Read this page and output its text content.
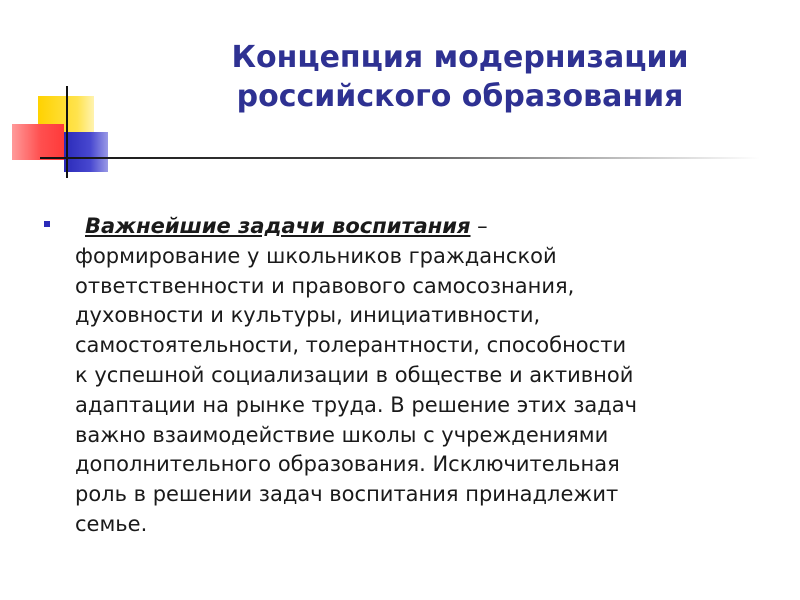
Концепция модернизации
российского образования

Важнейшие задачи воспитания –
формирование у школьников гражданской
ответственности и правового самосознания,
духовности и культуры, инициативности,
самостоятельности, толерантности, способности
к успешной социализации в обществе и активной
адаптации на рынке труда. В решение этих задач
важно взаимодействие школы с учреждениями
дополнительного образования. Исключительная
роль в решении задач воспитания принадлежит
семье.
